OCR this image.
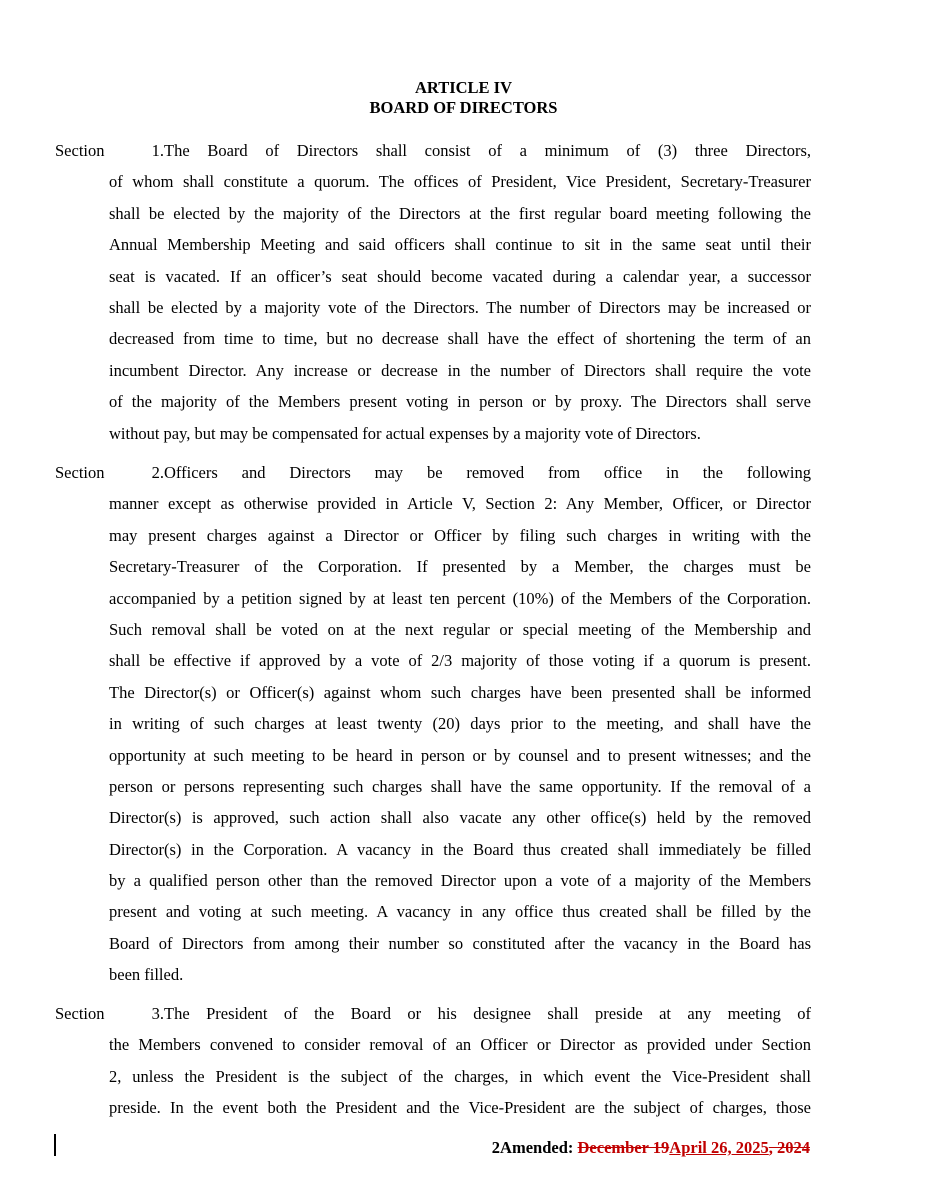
ARTICLE IV
BOARD OF DIRECTORS
Section 1.The Board of Directors shall consist of a minimum of (3) three Directors,
of whom shall constitute a quorum. The offices of President, Vice President, Secretary-Treasurer
shall be elected by the majority of the Directors at the first regular board meeting following the
Annual Membership Meeting and said officers shall continue to sit in the same seat until their
seat is vacated. If an officer’s seat should become vacated during a calendar year, a successor
shall be elected by a majority vote of the Directors. The number of Directors may be increased or
decreased from time to time, but no decrease shall have the effect of shortening the term of an
incumbent Director. Any increase or decrease in the number of Directors shall require the vote
of the majority of the Members present voting in person or by proxy. The Directors shall serve
without pay, but may be compensated for actual expenses by a majority vote of Directors.
Section 2.Officers and Directors may be removed from office in the following
manner except as otherwise provided in Article V, Section 2: Any Member, Officer, or Director
may present charges against a Director or Officer by filing such charges in writing with the
Secretary-Treasurer of the Corporation. If presented by a Member, the charges must be
accompanied by a petition signed by at least ten percent (10%) of the Members of the Corporation.
Such removal shall be voted on at the next regular or special meeting of the Membership and
shall be effective if approved by a vote of 2/3 majority of those voting if a quorum is present.
The Director(s) or Officer(s) against whom such charges have been presented shall be informed
in writing of such charges at least twenty (20) days prior to the meeting, and shall have the
opportunity at such meeting to be heard in person or by counsel and to present witnesses; and the
person or persons representing such charges shall have the same opportunity. If the removal of a
Director(s) is approved, such action shall also vacate any other office(s) held by the removed
Director(s) in the Corporation. A vacancy in the Board thus created shall immediately be filled
by a qualified person other than the removed Director upon a vote of a majority of the Members
present and voting at such meeting. A vacancy in any office thus created shall be filled by the
Board of Directors from among their number so constituted after the vacancy in the Board has
been filled.
Section 3.The President of the Board or his designee shall preside at any meeting of
the Members convened to consider removal of an Officer or Director as provided under Section
2, unless the President is the subject of the charges, in which event the Vice-President shall
preside. In the event both the President and the Vice-President are the subject of charges, those
2Amended: December 19April 26, 2025, 2024
